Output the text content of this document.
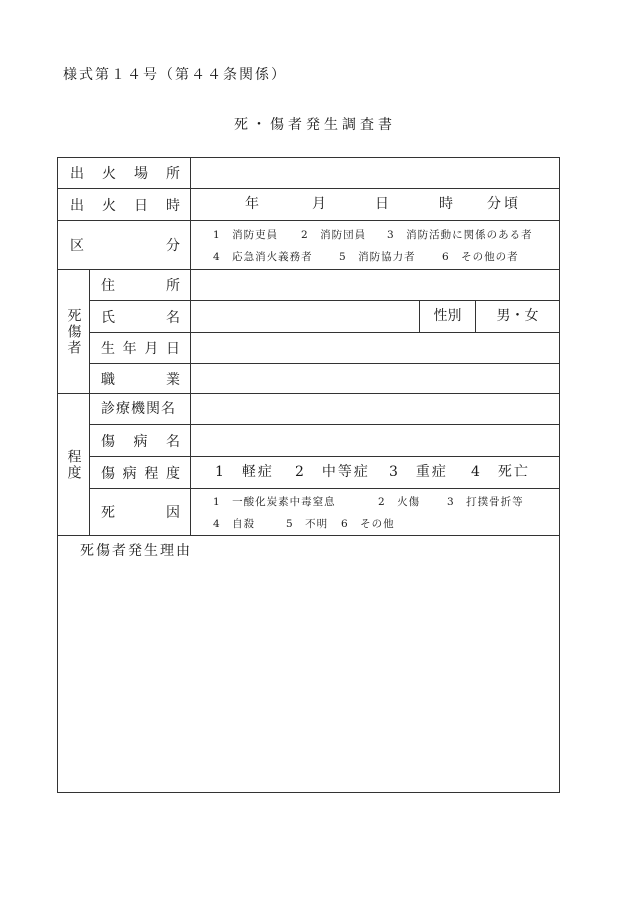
様式第１４号（第４４条関係）
死・傷者発生調査書
出 火 場 所
出 火 日 時	年	月	日	時 分頃
区	分
1　消防吏員 2　消防団員 3　消防活動に関係のある者
4　応急消火義務者	5　消防協力者	6　その他の者
死傷者
住	所
氏	名	性別	男・女
生 年 月 日
職	業
程度
診療機関名
傷 病 名
傷 病 程 度	1　軽症 2　中等症 3　重症 4　死亡
死	因
1　一酸化炭素中毒窒息	2　火傷	3　打撲骨折等
4　自殺	5　不明 6　その他
死傷者発生理由
